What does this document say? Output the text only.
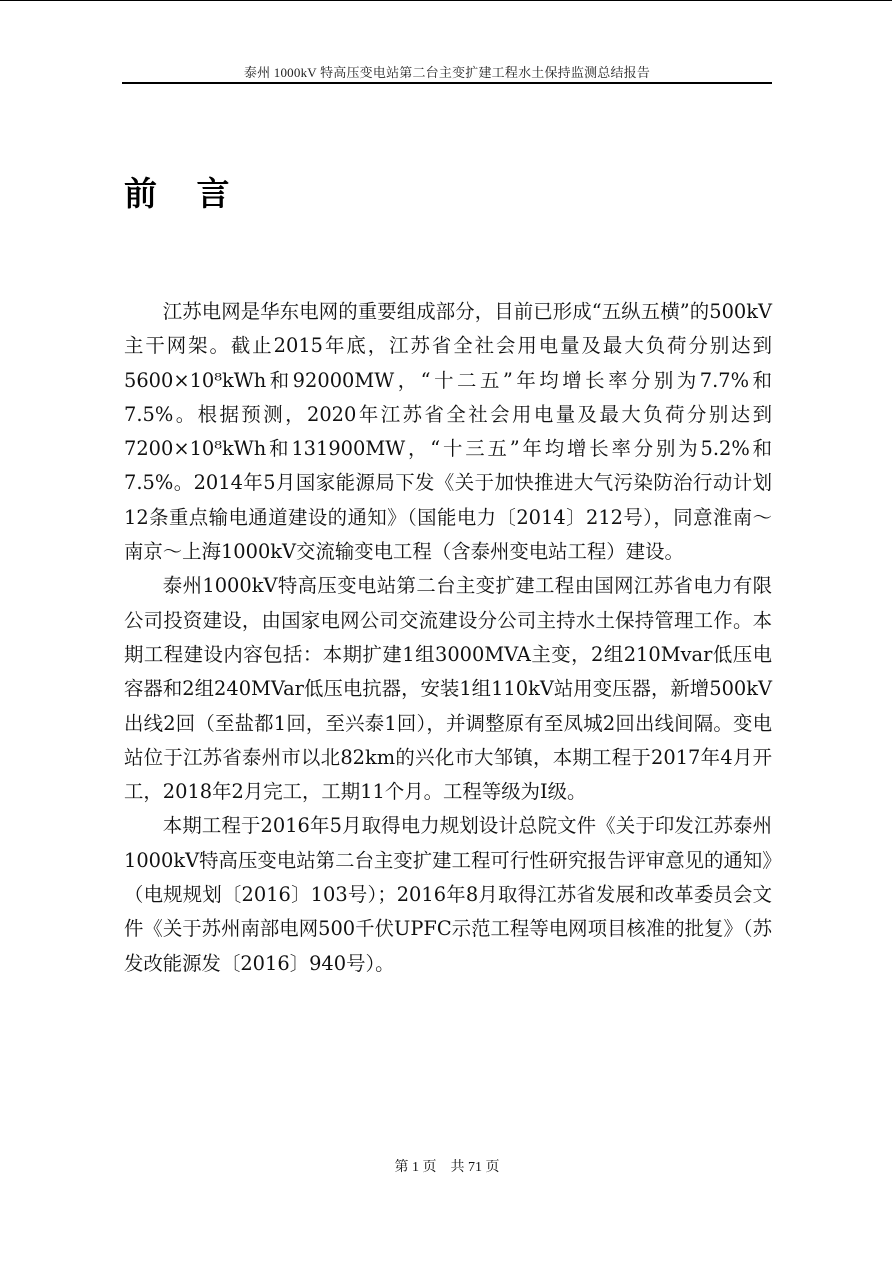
泰州 1000kV 特高压变电站第二台主变扩建工程水土保持监测总结报告
前 言

江苏电网是华东电网的重要组成部分，目前已形成“五纵五横”的500kV主干网架。截止2015年底，江苏省全社会用电量及最大负荷分别达到5600×10⁸kWh和92000MW，“十二五”年均增长率分别为7.7%和7.5%。根据预测，2020年江苏省全社会用电量及最大负荷分别达到7200×10⁸kWh和131900MW，“十三五”年均增长率分别为5.2%和7.5%。2014年5月国家能源局下发《关于加快推进大气污染防治行动计划12条重点输电通道建设的通知》（国能电力〔2014〕212号），同意淮南～南京～上海1000kV交流输变电工程（含泰州变电站工程）建设。

泰州1000kV特高压变电站第二台主变扩建工程由国网江苏省电力有限公司投资建设，由国家电网公司交流建设分公司主持水土保持管理工作。本期工程建设内容包括：本期扩建1组3000MVA主变，2组210Mvar低压电容器和2组240MVar低压电抗器，安装1组110kV站用变压器，新增500kV出线2回（至盐都1回，至兴泰1回），并调整原有至凤城2回出线间隔。变电站位于江苏省泰州市以北82km的兴化市大邹镇，本期工程于2017年4月开工，2018年2月完工，工期11个月。工程等级为Ⅰ级。

本期工程于2016年5月取得电力规划设计总院文件《关于印发江苏泰州1000kV特高压变电站第二台主变扩建工程可行性研究报告评审意见的通知》（电规规划〔2016〕103号）；2016年8月取得江苏省发展和改革委员会文件《关于苏州南部电网500千伏UPFC示范工程等电网项目核准的批复》（苏发改能源发〔2016〕940号）。

第 1 页 共 71 页
